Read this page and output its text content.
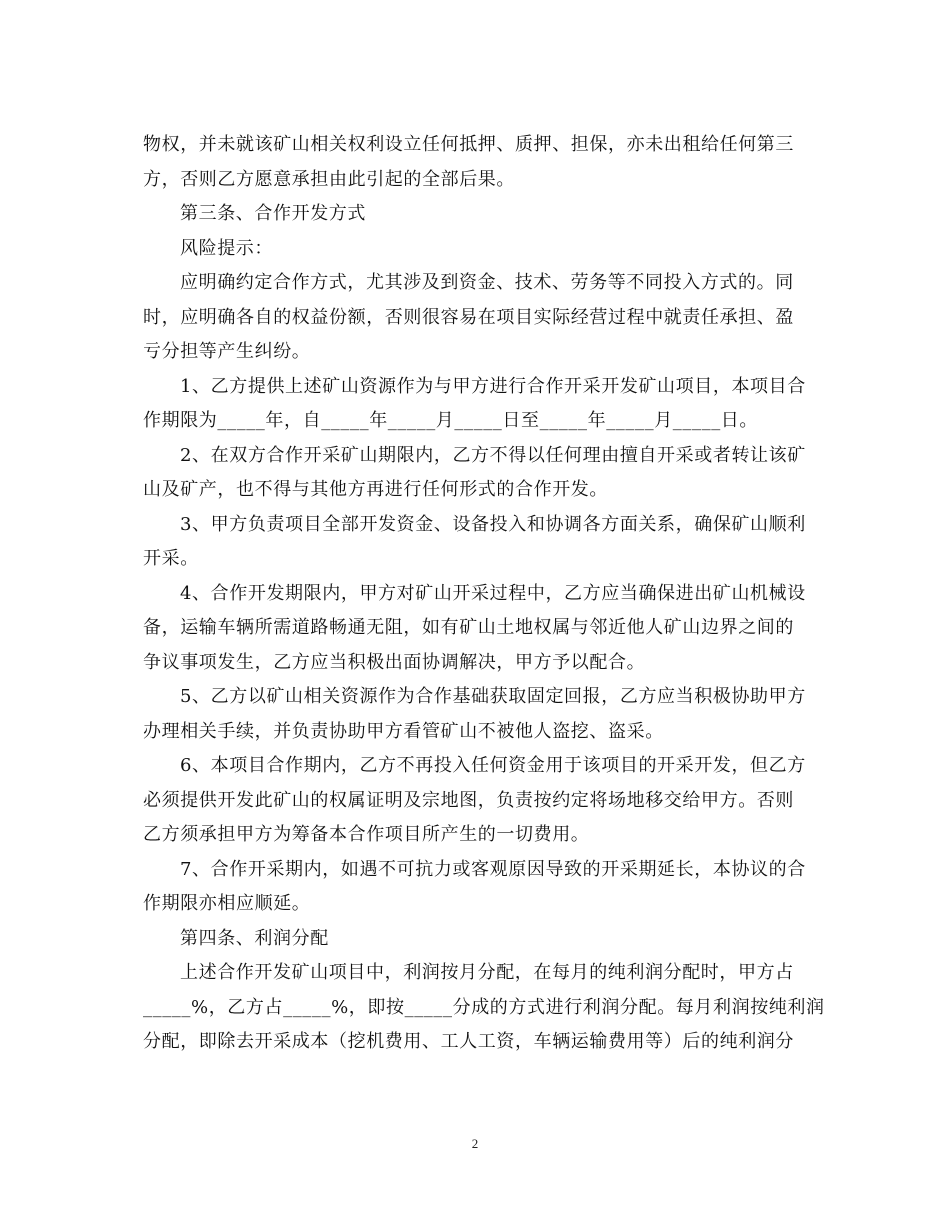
物权，并未就该矿山相关权利设立任何抵押、质押、担保，亦未出租给任何第三
方，否则乙方愿意承担由此引起的全部后果。
第三条、合作开发方式
风险提示：
应明确约定合作方式，尤其涉及到资金、技术、劳务等不同投入方式的。同
时，应明确各自的权益份额，否则很容易在项目实际经营过程中就责任承担、盈
亏分担等产生纠纷。
1、乙方提供上述矿山资源作为与甲方进行合作开采开发矿山项目，本项目合
作期限为_____年，自_____年_____月_____日至_____年_____月_____日。
2、在双方合作开采矿山期限内，乙方不得以任何理由擅自开采或者转让该矿
山及矿产，也不得与其他方再进行任何形式的合作开发。
3、甲方负责项目全部开发资金、设备投入和协调各方面关系，确保矿山顺利
开采。
4、合作开发期限内，甲方对矿山开采过程中，乙方应当确保进出矿山机械设
备，运输车辆所需道路畅通无阻，如有矿山土地权属与邻近他人矿山边界之间的
争议事项发生，乙方应当积极出面协调解决，甲方予以配合。
5、乙方以矿山相关资源作为合作基础获取固定回报，乙方应当积极协助甲方
办理相关手续，并负责协助甲方看管矿山不被他人盗挖、盗采。
6、本项目合作期内，乙方不再投入任何资金用于该项目的开采开发，但乙方
必须提供开发此矿山的权属证明及宗地图，负责按约定将场地移交给甲方。否则
乙方须承担甲方为筹备本合作项目所产生的一切费用。
7、合作开采期内，如遇不可抗力或客观原因导致的开采期延长，本协议的合
作期限亦相应顺延。
第四条、利润分配
上述合作开发矿山项目中，利润按月分配，在每月的纯利润分配时，甲方占
_____%，乙方占_____%，即按_____分成的方式进行利润分配。每月利润按纯利润
分配，即除去开采成本（挖机费用、工人工资，车辆运输费用等）后的纯利润分
2
